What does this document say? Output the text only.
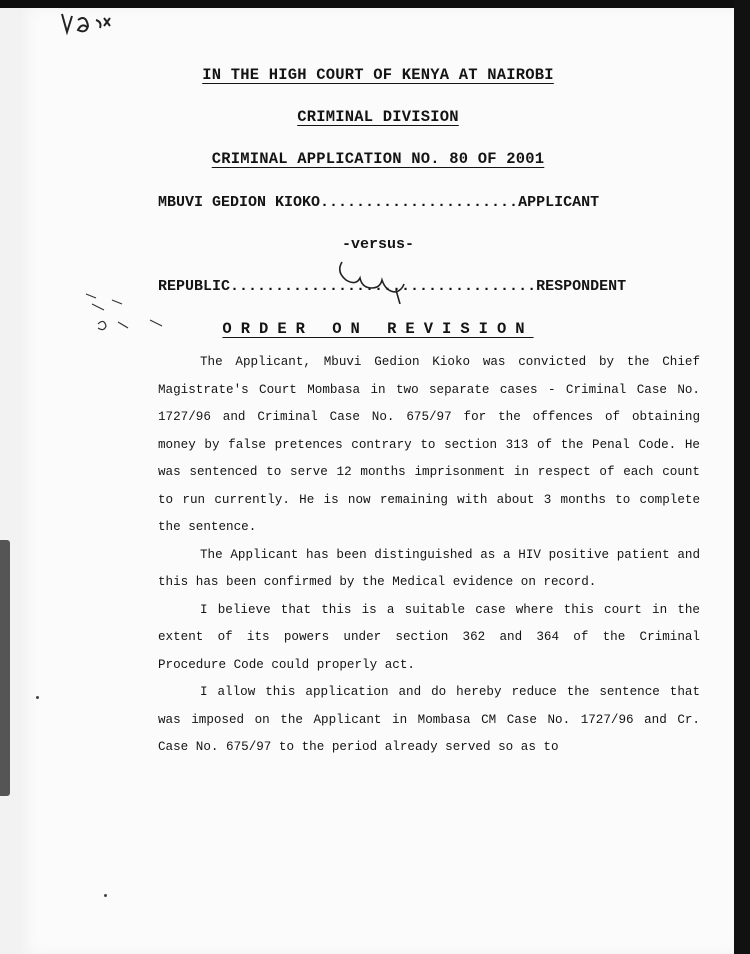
IN THE HIGH COURT OF KENYA AT NAIROBI
CRIMINAL DIVISION
CRIMINAL APPLICATION NO. 80 OF 2001
MBUVI GEDION KIOKO......................APPLICANT
-versus-
REPUBLIC..................................RESPONDENT
ORDER ON REVISION

The Applicant, Mbuvi Gedion Kioko was convicted by the Chief Magistrate's Court Mombasa in two separate cases - Criminal Case No. 1727/96 and Criminal Case No. 675/97 for the offences of obtaining money by false pretences contrary to section 313 of the Penal Code. He was sentenced to serve 12 months imprisonment in respect of each count to run currently. He is now remaining with about 3 months to complete the sentence.

The Applicant has been distinguished as a HIV positive patient and this has been confirmed by the Medical evidence on record.

I believe that this is a suitable case where this court in the extent of its powers under section 362 and 364 of the Criminal Procedure Code could properly act.

I allow this application and do hereby reduce the sentence that was imposed on the Applicant in Mombasa CM Case No. 1727/96 and Cr. Case No. 675/97 to the period already served so as to
